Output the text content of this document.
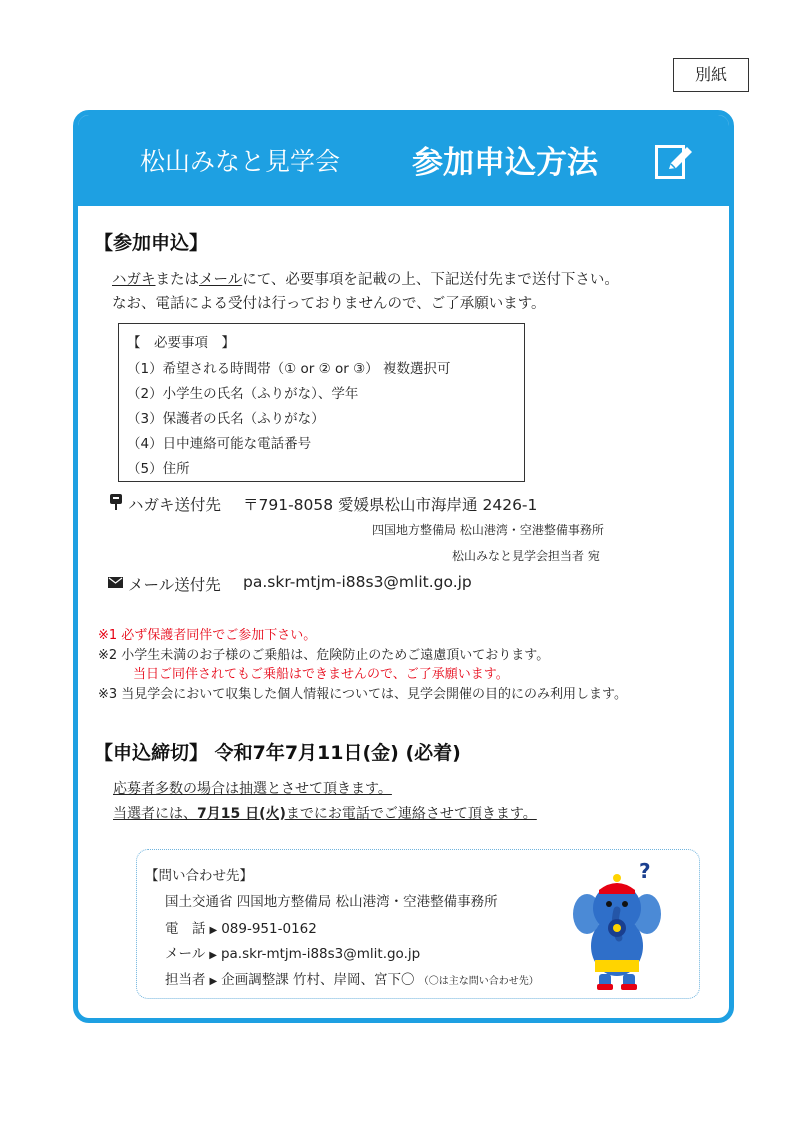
別紙
松山みなと見学会 参加申込方法
【参加申込】
ハガキまたはメールにて、必要事項を記載の上、下記送付先まで送付下さい。
なお、電話による受付は行っておりませんので、ご了承願います。
【　必要事項　】
（1）希望される時間帯（① or ② or ③） 複数選択可
（2）小学生の氏名（ふりがな）、学年
（3）保護者の氏名（ふりがな）
（4）日中連絡可能な電話番号
（5）住所
ハガキ送付先 〒791-8058 愛媛県松山市海岸通 2426-1
四国地方整備局 松山港湾・空港整備事務所
松山みなと見学会担当者 宛
メール送付先 pa.skr-mtjm-i88s3@mlit.go.jp
※1 必ず保護者同伴でご参加下さい。
※2 小学生未満のお子様のご乗船は、危険防止のためご遠慮頂いております。
当日ご同伴されてもご乗船はできませんので、ご了承願います。
※3 当見学会において収集した個人情報については、見学会開催の目的にのみ利用します。
【申込締切】 令和7年7月11日(金) (必着)
応募者多数の場合は抽選とさせて頂きます。
当選者には、7月15 日(火)までにお電話でご連絡させて頂きます。
【問い合わせ先】
国土交通省 四国地方整備局 松山港湾・空港整備事務所
電　話 ▶ 089-951-0162
メール ▶ pa.skr-mtjm-i88s3@mlit.go.jp
担当者 ▶ 企画調整課 竹村、岸岡、宮下〇 （〇は主な問い合わせ先）
?
